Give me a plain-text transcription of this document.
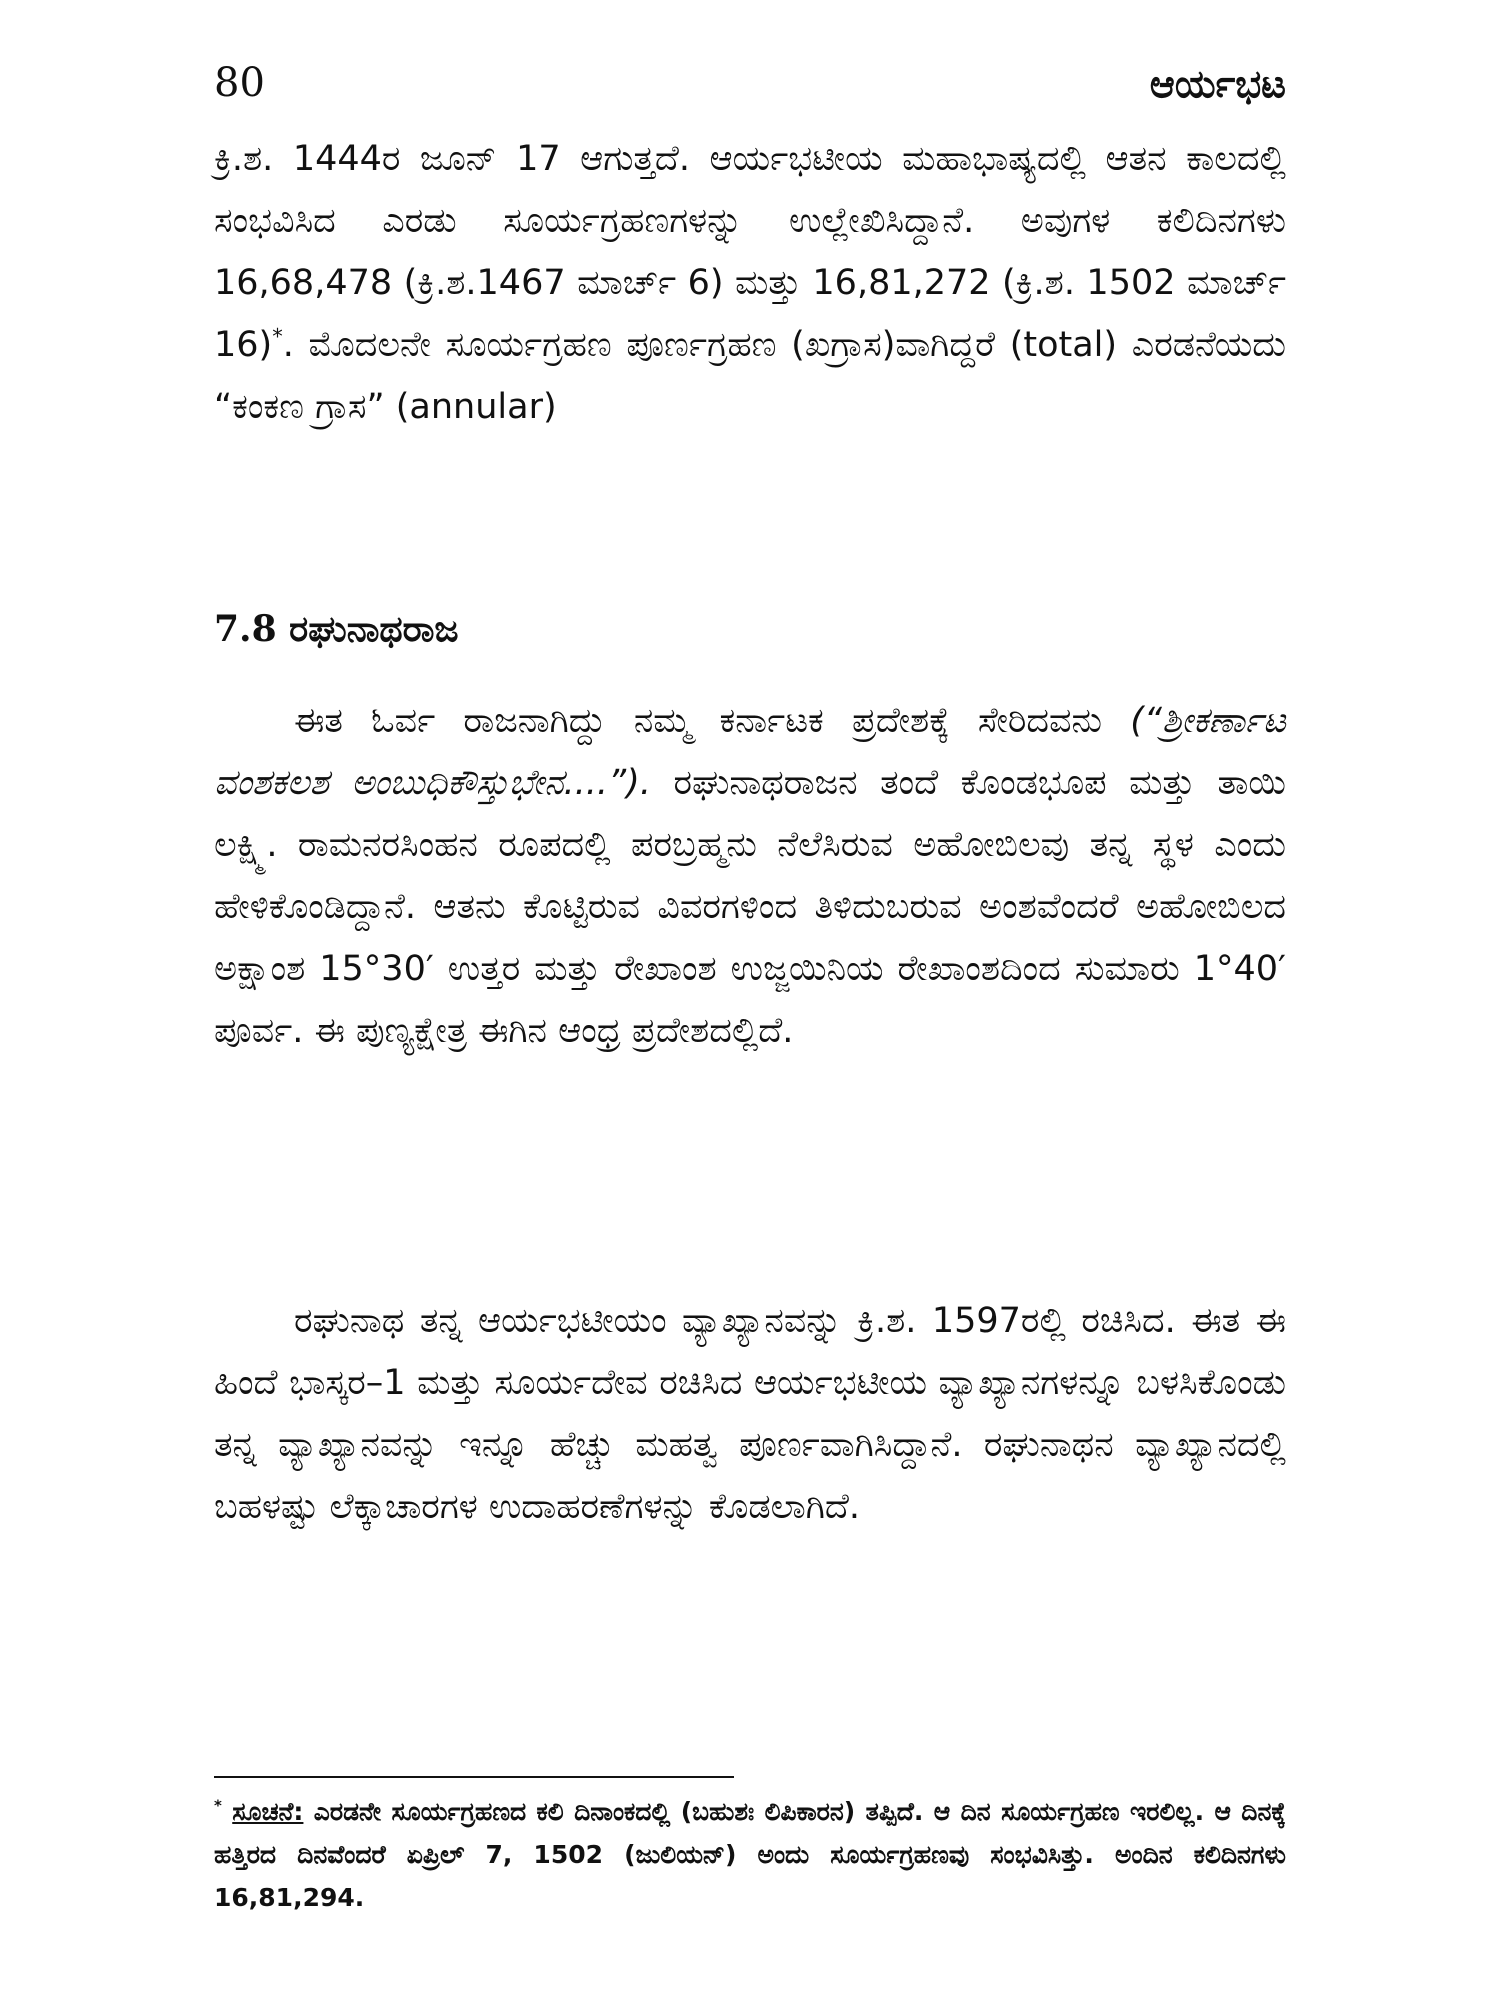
80	ಆರ್ಯಭಟ

ಕ್ರಿ.ಶ. 1444ರ ಜೂನ್ 17 ಆಗುತ್ತದೆ. ಆರ್ಯಭಟೀಯ ಮಹಾಭಾಷ್ಯದಲ್ಲಿ ಆತನ ಕಾಲದಲ್ಲಿ ಸಂಭವಿಸಿದ ಎರಡು ಸೂರ್ಯಗ್ರಹಣಗಳನ್ನು ಉಲ್ಲೇಖಿಸಿದ್ದಾನೆ. ಅವುಗಳ ಕಲಿದಿನಗಳು 16,68,478 (ಕ್ರಿ.ಶ.1467 ಮಾರ್ಚ್ 6) ಮತ್ತು 16,81,272 (ಕ್ರಿ.ಶ. 1502 ಮಾರ್ಚ್ 16)*. ಮೊದಲನೇ ಸೂರ್ಯಗ್ರಹಣ ಪೂರ್ಣಗ್ರಹಣ (ಖಗ್ರಾಸ)ವಾಗಿದ್ದರೆ (total) ಎರಡನೆಯದು “ಕಂಕಣ ಗ್ರಾಸ” (annular)

7.8 ರಘುನಾಥರಾಜ

ಈತ ಓರ್ವ ರಾಜನಾಗಿದ್ದು ನಮ್ಮ ಕರ್ನಾಟಕ ಪ್ರದೇಶಕ್ಕೆ ಸೇರಿದವನು (“ಶ್ರೀಕರ್ಣಾಟ ವಂಶಕಲಶ ಅಂಬುಧಿಕೌಸ್ತುಭೇನ....”). ರಘುನಾಥರಾಜನ ತಂದೆ ಕೊಂಡಭೂಪ ಮತ್ತು ತಾಯಿ ಲಕ್ಷ್ಮಿ. ರಾಮನರಸಿಂಹನ ರೂಪದಲ್ಲಿ ಪರಬ್ರಹ್ಮನು ನೆಲೆಸಿರುವ ಅಹೋಬಿಲವು ತನ್ನ ಸ್ಥಳ ಎಂದು ಹೇಳಿಕೊಂಡಿದ್ದಾನೆ. ಆತನು ಕೊಟ್ಟಿರುವ ವಿವರಗಳಿಂದ ತಿಳಿದುಬರುವ ಅಂಶವೆಂದರೆ ಅಹೋಬಿಲದ ಅಕ್ಷಾಂಶ 15°30′ ಉತ್ತರ ಮತ್ತು ರೇಖಾಂಶ ಉಜ್ಜಯಿನಿಯ ರೇಖಾಂಶದಿಂದ ಸುಮಾರು 1°40′ ಪೂರ್ವ. ಈ ಪುಣ್ಯಕ್ಷೇತ್ರ ಈಗಿನ ಆಂಧ್ರ ಪ್ರದೇಶದಲ್ಲಿದೆ.

ರಘುನಾಥ ತನ್ನ ಆರ್ಯಭಟೀಯಂ ವ್ಯಾಖ್ಯಾನವನ್ನು ಕ್ರಿ.ಶ. 1597ರಲ್ಲಿ ರಚಿಸಿದ. ಈತ ಈ ಹಿಂದೆ ಭಾಸ್ಕರ–1 ಮತ್ತು ಸೂರ್ಯದೇವ ರಚಿಸಿದ ಆರ್ಯಭಟೀಯ ವ್ಯಾಖ್ಯಾನಗಳನ್ನೂ ಬಳಸಿಕೊಂಡು ತನ್ನ ವ್ಯಾಖ್ಯಾನವನ್ನು ಇನ್ನೂ ಹೆಚ್ಚು ಮಹತ್ವ ಪೂರ್ಣವಾಗಿಸಿದ್ದಾನೆ. ರಘುನಾಥನ ವ್ಯಾಖ್ಯಾನದಲ್ಲಿ ಬಹಳಷ್ಟು ಲೆಕ್ಕಾಚಾರಗಳ ಉದಾಹರಣೆಗಳನ್ನು ಕೊಡಲಾಗಿದೆ.

* ಸೂಚನೆ: ಎರಡನೇ ಸೂರ್ಯಗ್ರಹಣದ ಕಲಿ ದಿನಾಂಕದಲ್ಲಿ (ಬಹುಶಃ ಲಿಪಿಕಾರನ) ತಪ್ಪಿದೆ. ಆ ದಿನ ಸೂರ್ಯಗ್ರಹಣ ಇರಲಿಲ್ಲ. ಆ ದಿನಕ್ಕೆ ಹತ್ತಿರದ ದಿನವೆಂದರೆ ಏಪ್ರಿಲ್ 7, 1502 (ಜುಲಿಯನ್) ಅಂದು ಸೂರ್ಯಗ್ರಹಣವು ಸಂಭವಿಸಿತ್ತು. ಅಂದಿನ ಕಲಿದಿನಗಳು 16,81,294.
